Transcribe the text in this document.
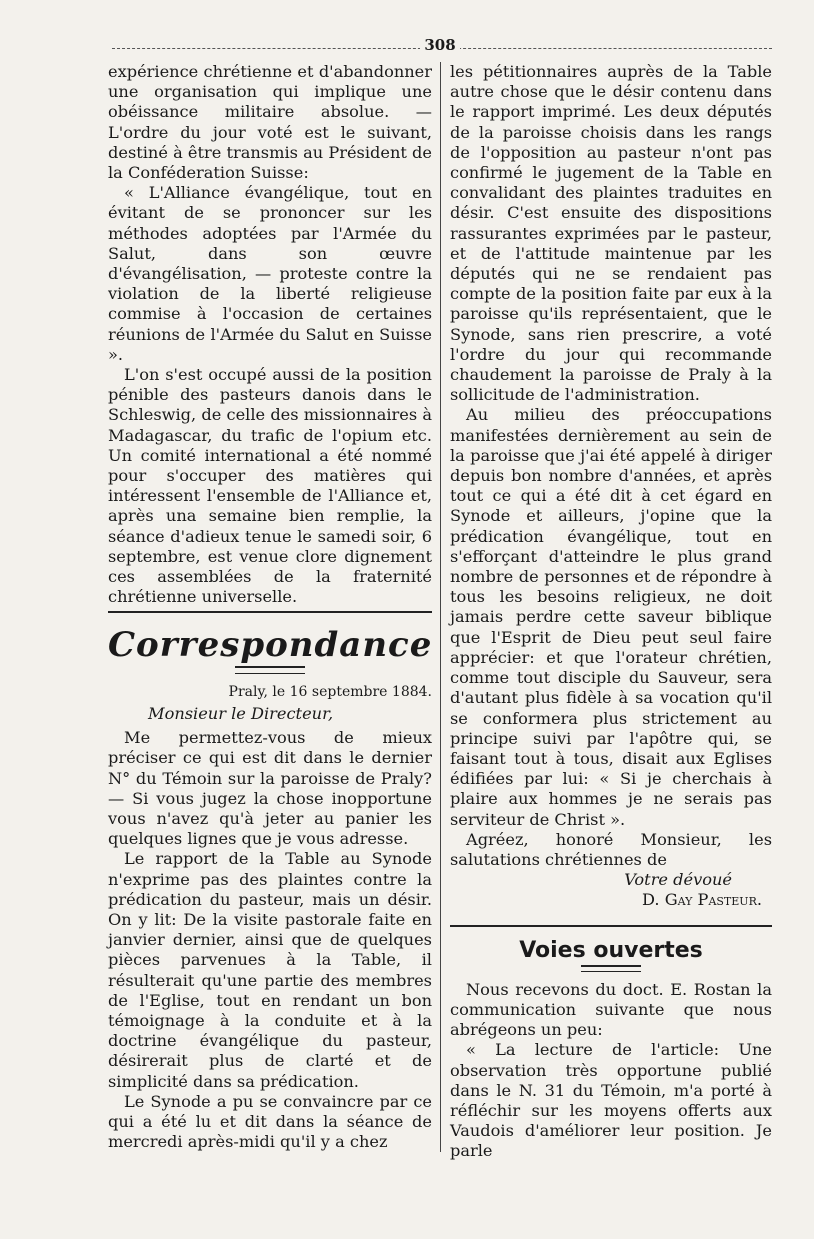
308

expérience chrétienne et d'abandonner une organisation qui implique une obéissance militaire absolue. — L'ordre du jour voté est le suivant, destiné à être transmis au Président de la Conféderation Suisse:

« L'Alliance évangélique, tout en évitant de se prononcer sur les méthodes adoptées par l'Armée du Salut, dans son œuvre d'évangélisation, — proteste contre la violation de la liberté religieuse commise à l'occasion de certaines réunions de l'Armée du Salut en Suisse ».

L'on s'est occupé aussi de la position pénible des pasteurs danois dans le Schleswig, de celle des missionnaires à Madagascar, du trafic de l'opium etc. Un comité international a été nommé pour s'occuper des matières qui intéressent l'ensemble de l'Alliance et, après una semaine bien remplie, la séance d'adieux tenue le samedi soir, 6 septembre, est venue clore dignement ces assemblées de la fraternité chrétienne universelle.

Correspondance
Praly, le 16 septembre 1884.
Monsieur le Directeur,

Me permettez-vous de mieux préciser ce qui est dit dans le dernier N° du Témoin sur la paroisse de Praly? — Si vous jugez la chose inopportune vous n'avez qu'à jeter au panier les quelques lignes que je vous adresse.

Le rapport de la Table au Synode n'exprime pas des plaintes contre la prédication du pasteur, mais un désir. On y lit: De la visite pastorale faite en janvier dernier, ainsi que de quelques pièces parvenues à la Table, il résulterait qu'une partie des membres de l'Eglise, tout en rendant un bon témoignage à la conduite et à la doctrine évangélique du pasteur, désirerait plus de clarté et de simplicité dans sa prédication.

Le Synode a pu se convaincre par ce qui a été lu et dit dans la séance de mercredi après-midi qu'il y a chez

les pétitionnaires auprès de la Table autre chose que le désir contenu dans le rapport imprimé. Les deux députés de la paroisse choisis dans les rangs de l'opposition au pasteur n'ont pas confirmé le jugement de la Table en convalidant des plaintes traduites en désir. C'est ensuite des dispositions rassurantes exprimées par le pasteur, et de l'attitude maintenue par les députés qui ne se rendaient pas compte de la position faite par eux à la paroisse qu'ils représentaient, que le Synode, sans rien prescrire, a voté l'ordre du jour qui recommande chaudement la paroisse de Praly à la sollicitude de l'administration.

Au milieu des préoccupations manifestées dernièrement au sein de la paroisse que j'ai été appelé à diriger depuis bon nombre d'années, et après tout ce qui a été dit à cet égard en Synode et ailleurs, j'opine que la prédication évangélique, tout en s'efforçant d'atteindre le plus grand nombre de personnes et de répondre à tous les besoins religieux, ne doit jamais perdre cette saveur biblique que l'Esprit de Dieu peut seul faire apprécier: et que l'orateur chrétien, comme tout disciple du Sauveur, sera d'autant plus fidèle à sa vocation qu'il se conformera plus strictement au principe suivi par l'apôtre qui, se faisant tout à tous, disait aux Eglises édifiées par lui: « Si je cherchais à plaire aux hommes je ne serais pas serviteur de Christ ».

Agréez, honoré Monsieur, les salutations chrétiennes de

Votre dévoué
D. Gay Pasteur.
Voies ouvertes

Nous recevons du doct. E. Rostan la communication suivante que nous abrégeons un peu:

« La lecture de l'article: Une observation très opportune publié dans le N. 31 du Témoin, m'a porté à réfléchir sur les moyens offerts aux Vaudois d'améliorer leur position. Je parle
